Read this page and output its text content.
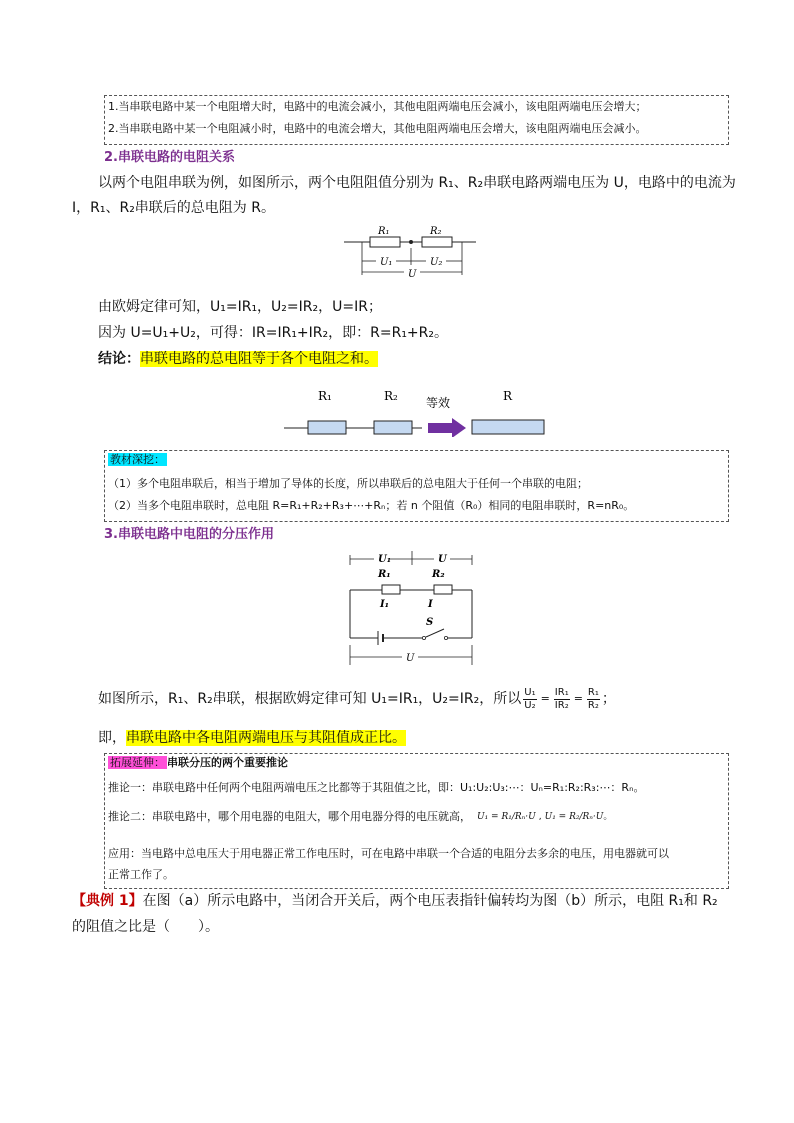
1.当串联电路中某一个电阻增大时，电路中的电流会减小，其他电阻两端电压会减小，该电阻两端电压会增大；
2.当串联电路中某一个电阻减小时，电路中的电流会增大，其他电阻两端电压会增大，该电阻两端电压会减小。
2.串联电路的电阻关系
以两个电阻串联为例，如图所示，两个电阻阻值分别为 R₁、R₂串联电路两端电压为 U，电路中的电流为
I，R₁、R₂串联后的总电阻为 R。
R₁	R₂
U₁	U₂
U
由欧姆定律可知，U₁=IR₁，U₂=IR₂，U=IR；
因为 U=U₁+U₂，可得：IR=IR₁+IR₂，即：R=R₁+R₂。
结论：串联电路的总电阻等于各个电阻之和。
R₁	R₂ 等效	R
教材深挖：
（1）多个电阻串联后，相当于增加了导体的长度，所以串联后的总电阻大于任何一个串联的电阻；
（2）当多个电阻串联时，总电阻 R=R₁+R₂+R₃+⋯+Rₙ；若 n 个阻值（R₀）相同的电阻串联时，R=nR₀。
3.串联电路中电阻的分压作用
U₁	U
R₁	R₂
I₁	I
S
U
如图所示，R₁、R₂串联，根据欧姆定律可知 U₁=IR₁，U₂=IR₂，所以 $\frac{\text{U₁}}{\text{U₂}} = \frac{\text{IR₁}}{\text{IR₂}} = \frac{\text{R₁}}{\text{R₂}}$ ；
即，串联电路中各电阻两端电压与其阻值成正比。
拓展延伸： 串联分压的两个重要推论
推论一：串联电路中任何两个电阻两端电压之比都等于其阻值之比，即：U₁:U₂:U₃:⋯：Uₙ=R₁:R₂:R₃:⋯：Rₙ。
推论二：串联电路中，哪个用电器的电阻大，哪个用电器分得的电压就高， U₁ = R₁/Rₙ·U , U₁ = R₂/Rₙ·U 。
应用：当电路中总电压大于用电器正常工作电压时，可在电路中串联一个合适的电阻分去多余的电压，用电器就可以
正常工作了。
【典例 1】在图（a）所示电路中，当闭合开关后，两个电压表指针偏转均为图（b）所示，电阻 R₁和 R₂
的阻值之比是（　　）。
